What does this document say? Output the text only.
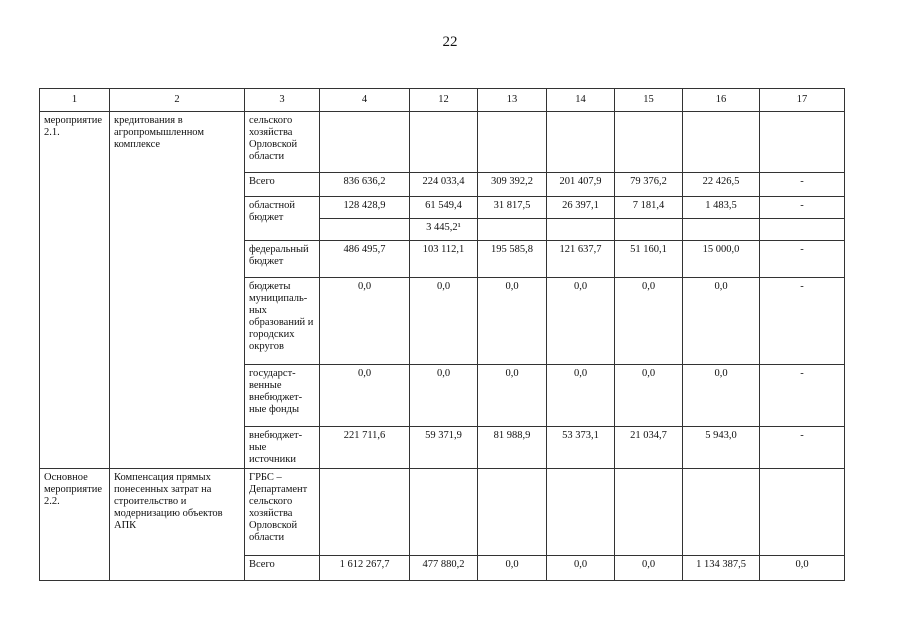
22
1	2	3	4	12	13	14	15	16	17
мероприятие 2.1.	кредитования в агропромышленном комплексе	сельского хозяйства Орловской области							
		Всего	836 636,2	224 033,4	309 392,2	201 407,9	79 376,2	22 426,5	-
		областной бюджет	128 428,9	61 549,4	31 817,5	26 397,1	7 181,4	1 483,5	-
				3 445,2¹					
		федеральный бюджет	486 495,7	103 112,1	195 585,8	121 637,7	51 160,1	15 000,0	-
		бюджеты муниципаль-ных образований и городских округов	0,0	0,0	0,0	0,0	0,0	0,0	-
		государст-венные внебюджет-ные фонды	0,0	0,0	0,0	0,0	0,0	0,0	-
		внебюджет-ные источники	221 711,6	59 371,9	81 988,9	53 373,1	21 034,7	5 943,0	-
Основное мероприятие 2.2.	Компенсация прямых понесенных затрат на строительство и модернизацию объектов АПК	ГРБС – Департамент сельского хозяйства Орловской области							
		Всего	1 612 267,7	477 880,2	0,0	0,0	0,0	1 134 387,5	0,0
